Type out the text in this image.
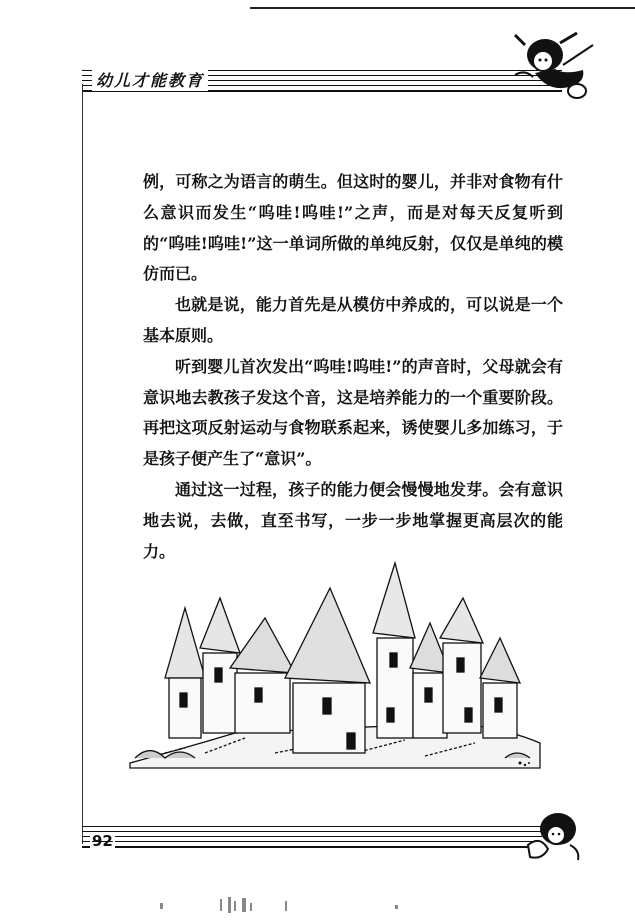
幼儿才能教育

例，可称之为语言的萌生。但这时的婴儿，并非对食物有什么意识而发生“呜哇!呜哇!”之声，而是对每天反复听到的“呜哇!呜哇!”这一单词所做的单纯反射，仅仅是单纯的模仿而已。

也就是说，能力首先是从模仿中养成的，可以说是一个基本原则。

听到婴儿首次发出“呜哇!呜哇!”的声音时，父母就会有意识地去教孩子发这个音，这是培养能力的一个重要阶段。再把这项反射运动与食物联系起来，诱使婴儿多加练习，于是孩子便产生了“意识”。

通过这一过程，孩子的能力便会慢慢地发芽。会有意识地去说，去做，直至书写，一步一步地掌握更高层次的能力。

92
